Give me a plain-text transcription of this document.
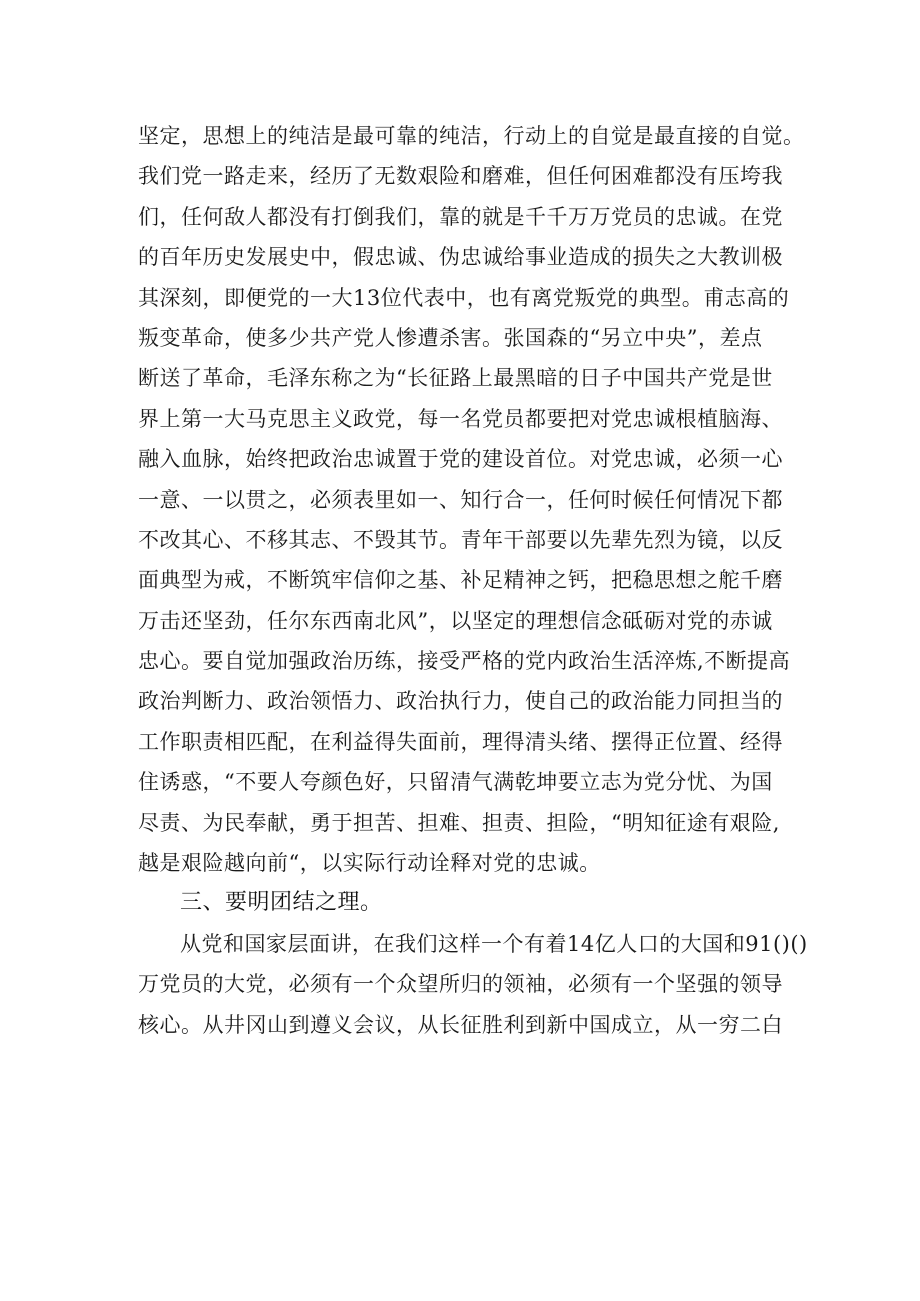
坚定，思想上的纯洁是最可靠的纯洁，行动上的自觉是最直接的自觉。
我们党一路走来，经历了无数艰险和磨难，但任何困难都没有压垮我
们，任何敌人都没有打倒我们，靠的就是千千万万党员的忠诚。在党
的百年历史发展史中，假忠诚、伪忠诚给事业造成的损失之大教训极
其深刻，即便党的一大13位代表中，也有离党叛党的典型。甫志高的
叛变革命，使多少共产党人惨遭杀害。张国森的“另立中央”，差点
断送了革命，毛泽东称之为“长征路上最黑暗的日子中国共产党是世
界上第一大马克思主义政党，每一名党员都要把对党忠诚根植脑海、
融入血脉，始终把政治忠诚置于党的建设首位。对党忠诚，必须一心
一意、一以贯之，必须表里如一、知行合一，任何时候任何情况下都
不改其心、不移其志、不毁其节。青年干部要以先辈先烈为镜，以反
面典型为戒，不断筑牢信仰之基、补足精神之钙，把稳思想之舵千磨
万击还坚劲，任尔东西南北风”，以坚定的理想信念砥砺对党的赤诚
忠心。要自觉加强政治历练，接受严格的党内政治生活淬炼,不断提高
政治判断力、政治领悟力、政治执行力，使自己的政治能力同担当的
工作职责相匹配，在利益得失面前，理得清头绪、摆得正位置、经得
住诱惑，“不要人夸颜色好，只留清气满乾坤要立志为党分忧、为国
尽责、为民奉献，勇于担苦、担难、担责、担险，“明知征途有艰险,
越是艰险越向前“，以实际行动诠释对党的忠诚。
三、要明团结之理。
从党和国家层面讲，在我们这样一个有着14亿人口的大国和91()()
万党员的大党，必须有一个众望所归的领袖，必须有一个坚强的领导
核心。从井冈山到遵义会议，从长征胜利到新中国成立，从一穷二白
